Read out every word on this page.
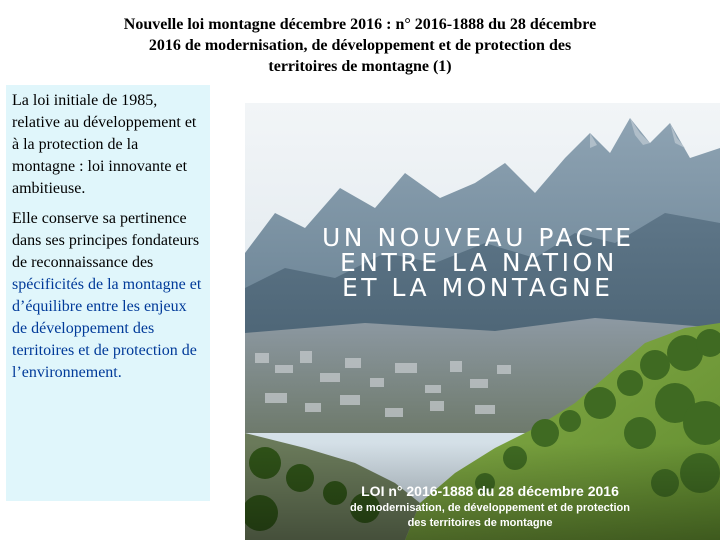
Nouvelle loi montagne décembre 2016 : n° 2016-1888 du 28 décembre
2016 de modernisation, de développement et de protection des
territoires de montagne (1)

La loi initiale de 1985, relative au développement et à la protection de la montagne : loi innovante et ambitieuse.

Elle conserve sa pertinence dans ses principes fondateurs de reconnaissance des spécificités de la montagne et d’équilibre entre les enjeux de développement des territoires et de protection de l’environnement.

UN NOUVEAU PACTE
ENTRE LA NATION
ET LA MONTAGNE
LOI n° 2016-1888 du 28 décembre 2016
de modernisation, de développement et de protection
des territoires de montagne
